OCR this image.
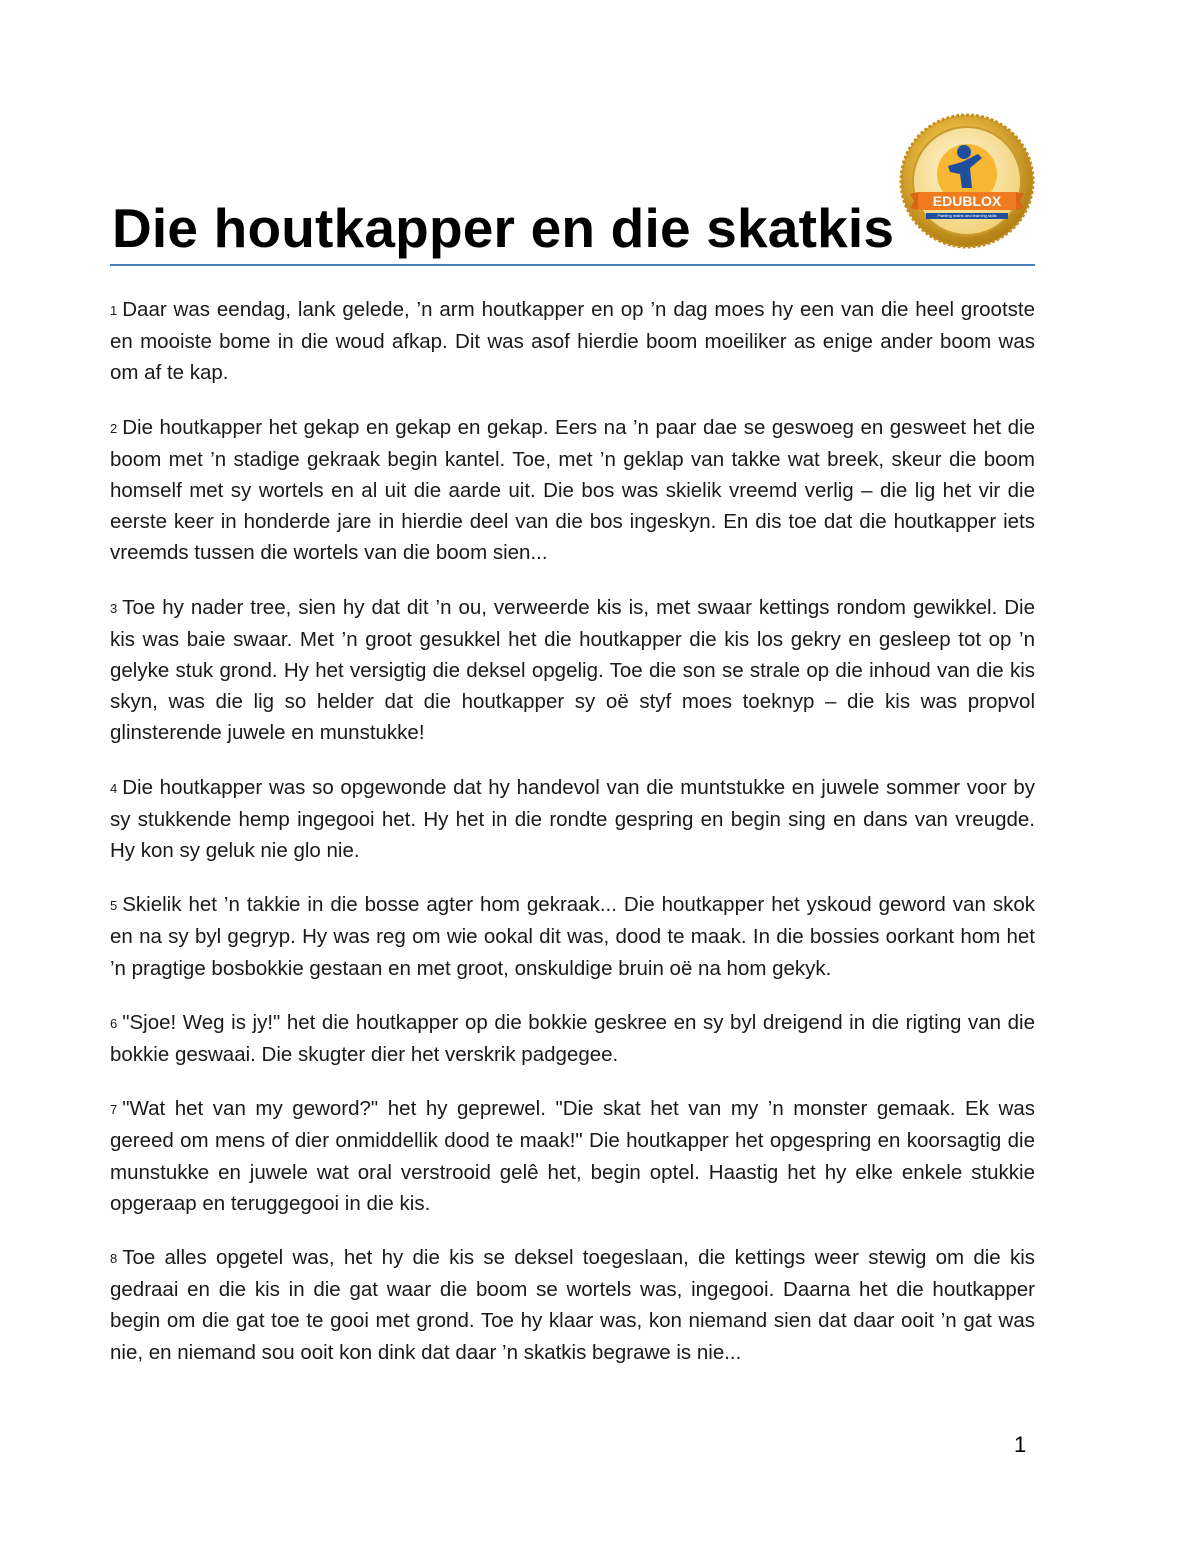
Die houtkapper en die skatkis	EDUBLOX
Planting maths and learning skills

1 Daar was eendag, lank gelede, ’n arm houtkapper en op ’n dag moes hy een van die heel grootste en mooiste bome in die woud afkap. Dit was asof hierdie boom moeiliker as enige ander boom was om af te kap.

2 Die houtkapper het gekap en gekap en gekap. Eers na ’n paar dae se geswoeg en gesweet het die boom met ’n stadige gekraak begin kantel. Toe, met ’n geklap van takke wat breek, skeur die boom homself met sy wortels en al uit die aarde uit. Die bos was skielik vreemd verlig – die lig het vir die eerste keer in honderde jare in hierdie deel van die bos ingeskyn. En dis toe dat die houtkapper iets vreemds tussen die wortels van die boom sien...

3 Toe hy nader tree, sien hy dat dit ’n ou, verweerde kis is, met swaar kettings rondom gewikkel. Die kis was baie swaar. Met ’n groot gesukkel het die houtkapper die kis los gekry en gesleep tot op ’n gelyke stuk grond. Hy het versigtig die deksel opgelig. Toe die son se strale op die inhoud van die kis skyn, was die lig so helder dat die houtkapper sy oë styf moes toeknyp – die kis was propvol glinsterende juwele en munstukke!

4 Die houtkapper was so opgewonde dat hy handevol van die muntstukke en juwele sommer voor by sy stukkende hemp ingegooi het. Hy het in die rondte gespring en begin sing en dans van vreugde. Hy kon sy geluk nie glo nie.

5 Skielik het ’n takkie in die bosse agter hom gekraak... Die houtkapper het yskoud geword van skok en na sy byl gegryp. Hy was reg om wie ookal dit was, dood te maak. In die bossies oorkant hom het ’n pragtige bosbokkie gestaan en met groot, onskuldige bruin oë na hom gekyk.

6 "Sjoe! Weg is jy!" het die houtkapper op die bokkie geskree en sy byl dreigend in die rigting van die bokkie geswaai. Die skugter dier het verskrik padgegee.

7 "Wat het van my geword?" het hy geprewel. "Die skat het van my ’n monster gemaak. Ek was gereed om mens of dier onmiddellik dood te maak!" Die houtkapper het opgespring en koorsagtig die munstukke en juwele wat oral verstrooid gelê het, begin optel. Haastig het hy elke enkele stukkie opgeraap en teruggegooi in die kis.

8 Toe alles opgetel was, het hy die kis se deksel toegeslaan, die kettings weer stewig om die kis gedraai en die kis in die gat waar die boom se wortels was, ingegooi. Daarna het die houtkapper begin om die gat toe te gooi met grond. Toe hy klaar was, kon niemand sien dat daar ooit ’n gat was nie, en niemand sou ooit kon dink dat daar ’n skatkis begrawe is nie...

1
